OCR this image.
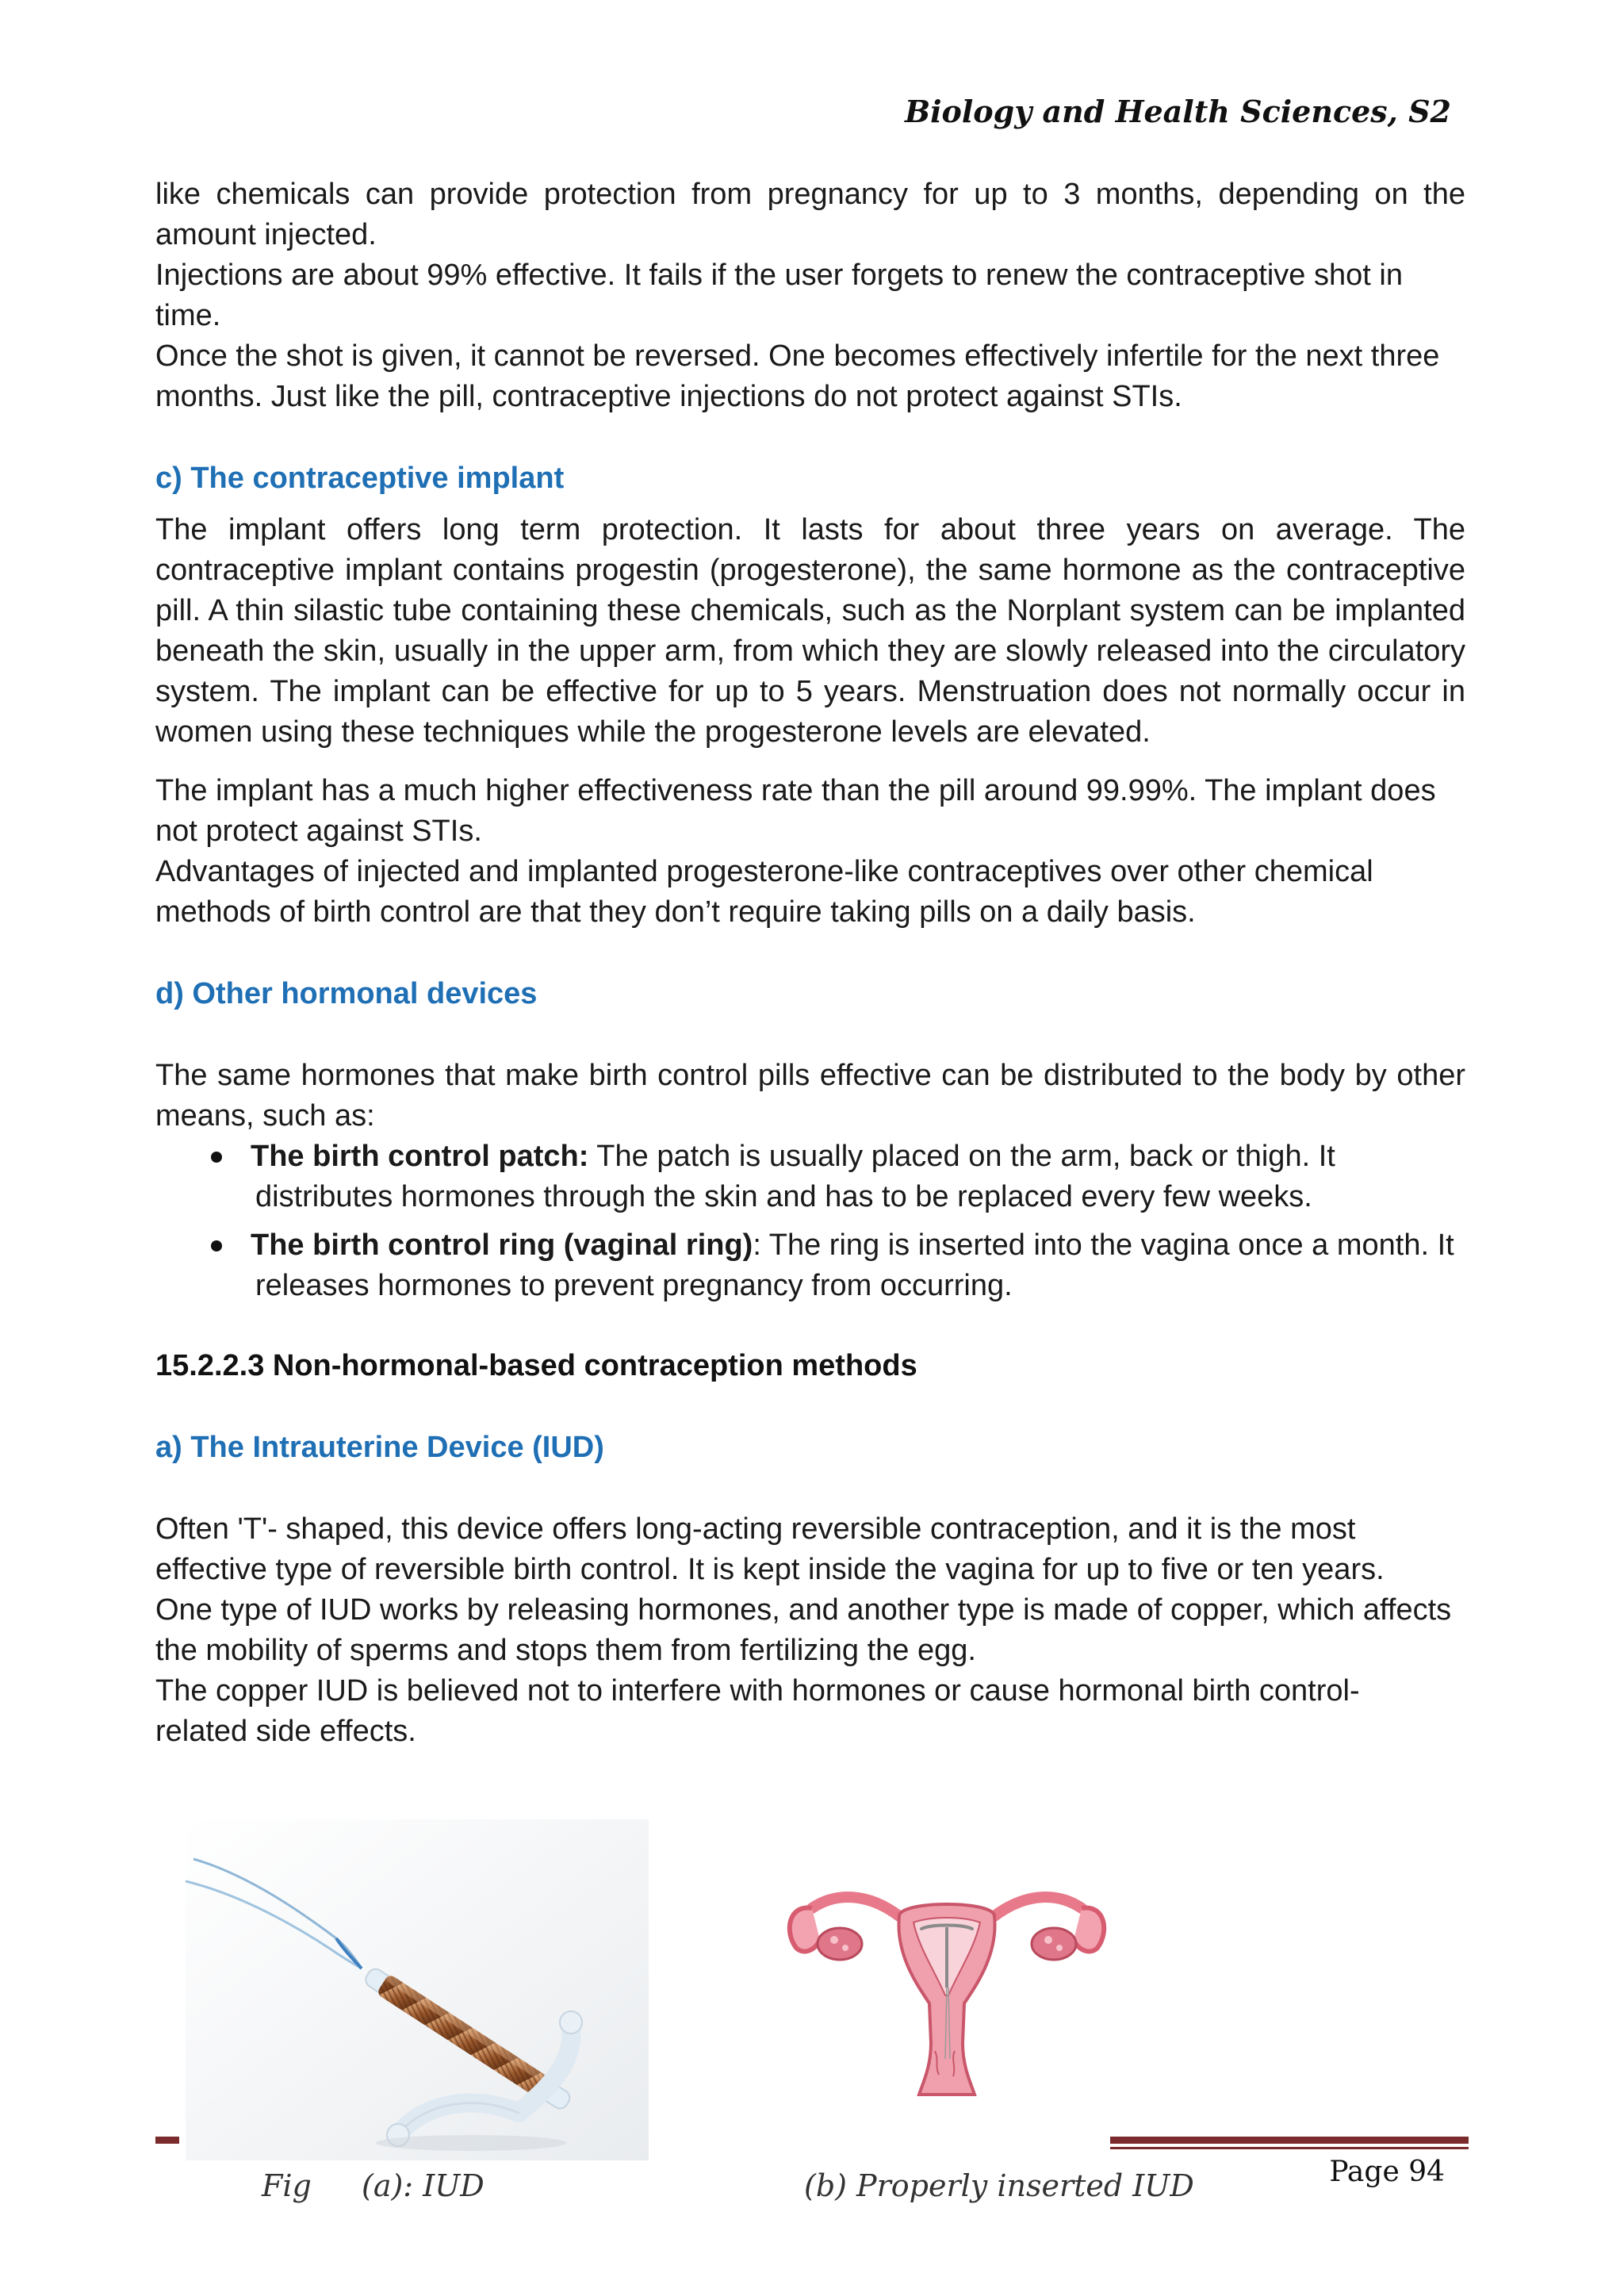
Biology and Health Sciences, S2

like chemicals can provide protection from pregnancy for up to 3 months, depending on the amount injected.

Injections are about 99% effective. It fails if the user forgets to renew the contraceptive shot in time.

Once the shot is given, it cannot be reversed. One becomes effectively infertile for the next three months. Just like the pill, contraceptive injections do not protect against STIs.

c) The contraceptive implant

The implant offers long term protection. It lasts for about three years on average. The contraceptive implant contains progestin (progesterone), the same hormone as the contraceptive pill. A thin silastic tube containing these chemicals, such as the Norplant system can be implanted beneath the skin, usually in the upper arm, from which they are slowly released into the circulatory system. The implant can be effective for up to 5 years. Menstruation does not normally occur in women using these techniques while the progesterone levels are elevated.

The implant has a much higher effectiveness rate than the pill around 99.99%. The implant does not protect against STIs.

Advantages of injected and implanted progesterone-like contraceptives over other chemical methods of birth control are that they don’t require taking pills on a daily basis.

d) Other hormonal devices

The same hormones that make birth control pills effective can be distributed to the body by other means, such as:

The birth control patch: The patch is usually placed on the arm, back or thigh. It
distributes hormones through the skin and has to be replaced every few weeks.
The birth control ring (vaginal ring): The ring is inserted into the vagina once a month. It
releases hormones to prevent pregnancy from occurring.

15.2.2.3 Non-hormonal-based contraception methods

a) The Intrauterine Device (IUD)

Often 'T'- shaped, this device offers long-acting reversible contraception, and it is the most

effective type of reversible birth control. It is kept inside the vagina for up to five or ten years.

One type of IUD works by releasing hormones, and another type is made of copper, which affects

the mobility of sperms and stops them from fertilizing the egg.

The copper IUD is believed not to interfere with hormones or cause hormonal birth control-

related side effects.

Fig (a): IUD	(b) Properly inserted IUD	Page 94
